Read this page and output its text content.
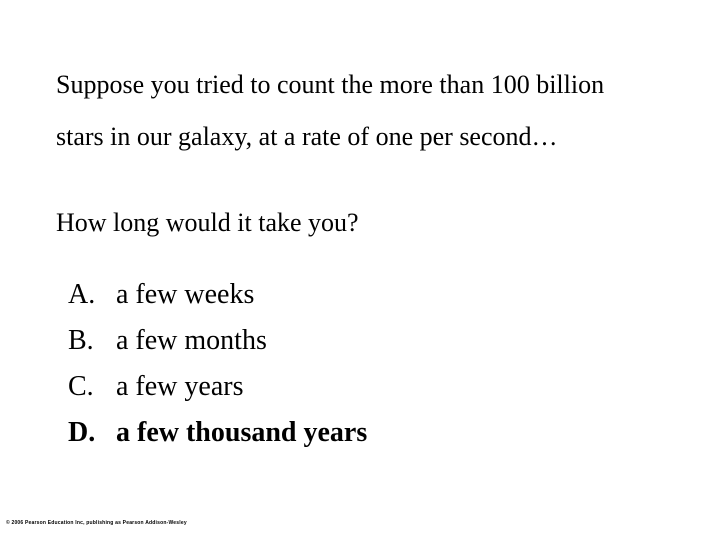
Suppose you tried to count the more than 100 billion
stars in our galaxy, at a rate of one per second…
How long would it take you?
A. a few weeks
B. a few months
C. a few years
D. a few thousand years
© 2006 Pearson Education Inc, publishing as Pearson Addison-Wesley
